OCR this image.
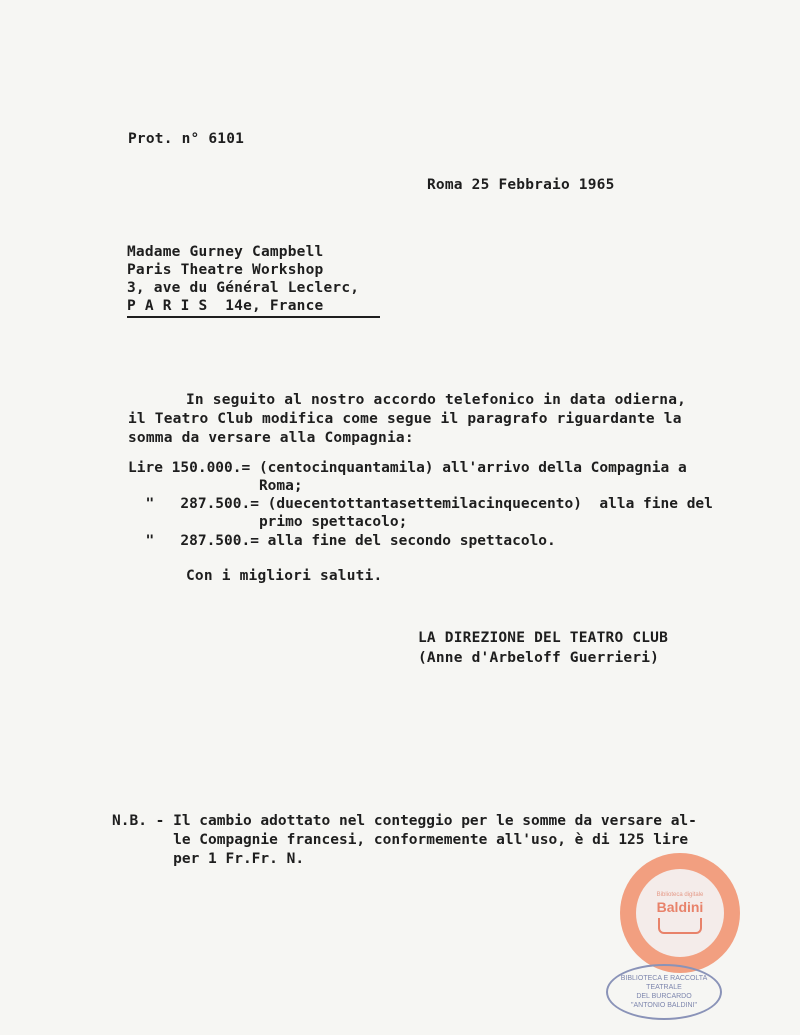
Prot. n° 6101
Roma 25 Febbraio 1965
Madame Gurney Campbell
Paris Theatre Workshop
3, ave du Général Leclerc,
P A R I S  14e, France
In seguito al nostro accordo telefonico in data odierna,
il Teatro Club modifica come segue il paragrafo riguardante la
somma da versare alla Compagnia:
Lire 150.000.= (centocinquantamila) all'arrivo della Compagnia a
Roma;
"   287.500.= (duecentottantasettemilacinquecento)  alla fine del
primo spettacolo;
"   287.500.= alla fine del secondo spettacolo.
Con i migliori saluti.
LA DIREZIONE DEL TEATRO CLUB
(Anne d'Arbeloff Guerrieri)
N.B. - Il cambio adottato nel conteggio per le somme da versare al-
le Compagnie francesi, conformemente all'uso, è di 125 lire
per 1 Fr.Fr. N.
Biblioteca digitale
Baldini
BIBLIOTECA E RACCOLTA
TEATRALE
DEL BURCARDO
"ANTONIO BALDINI"
